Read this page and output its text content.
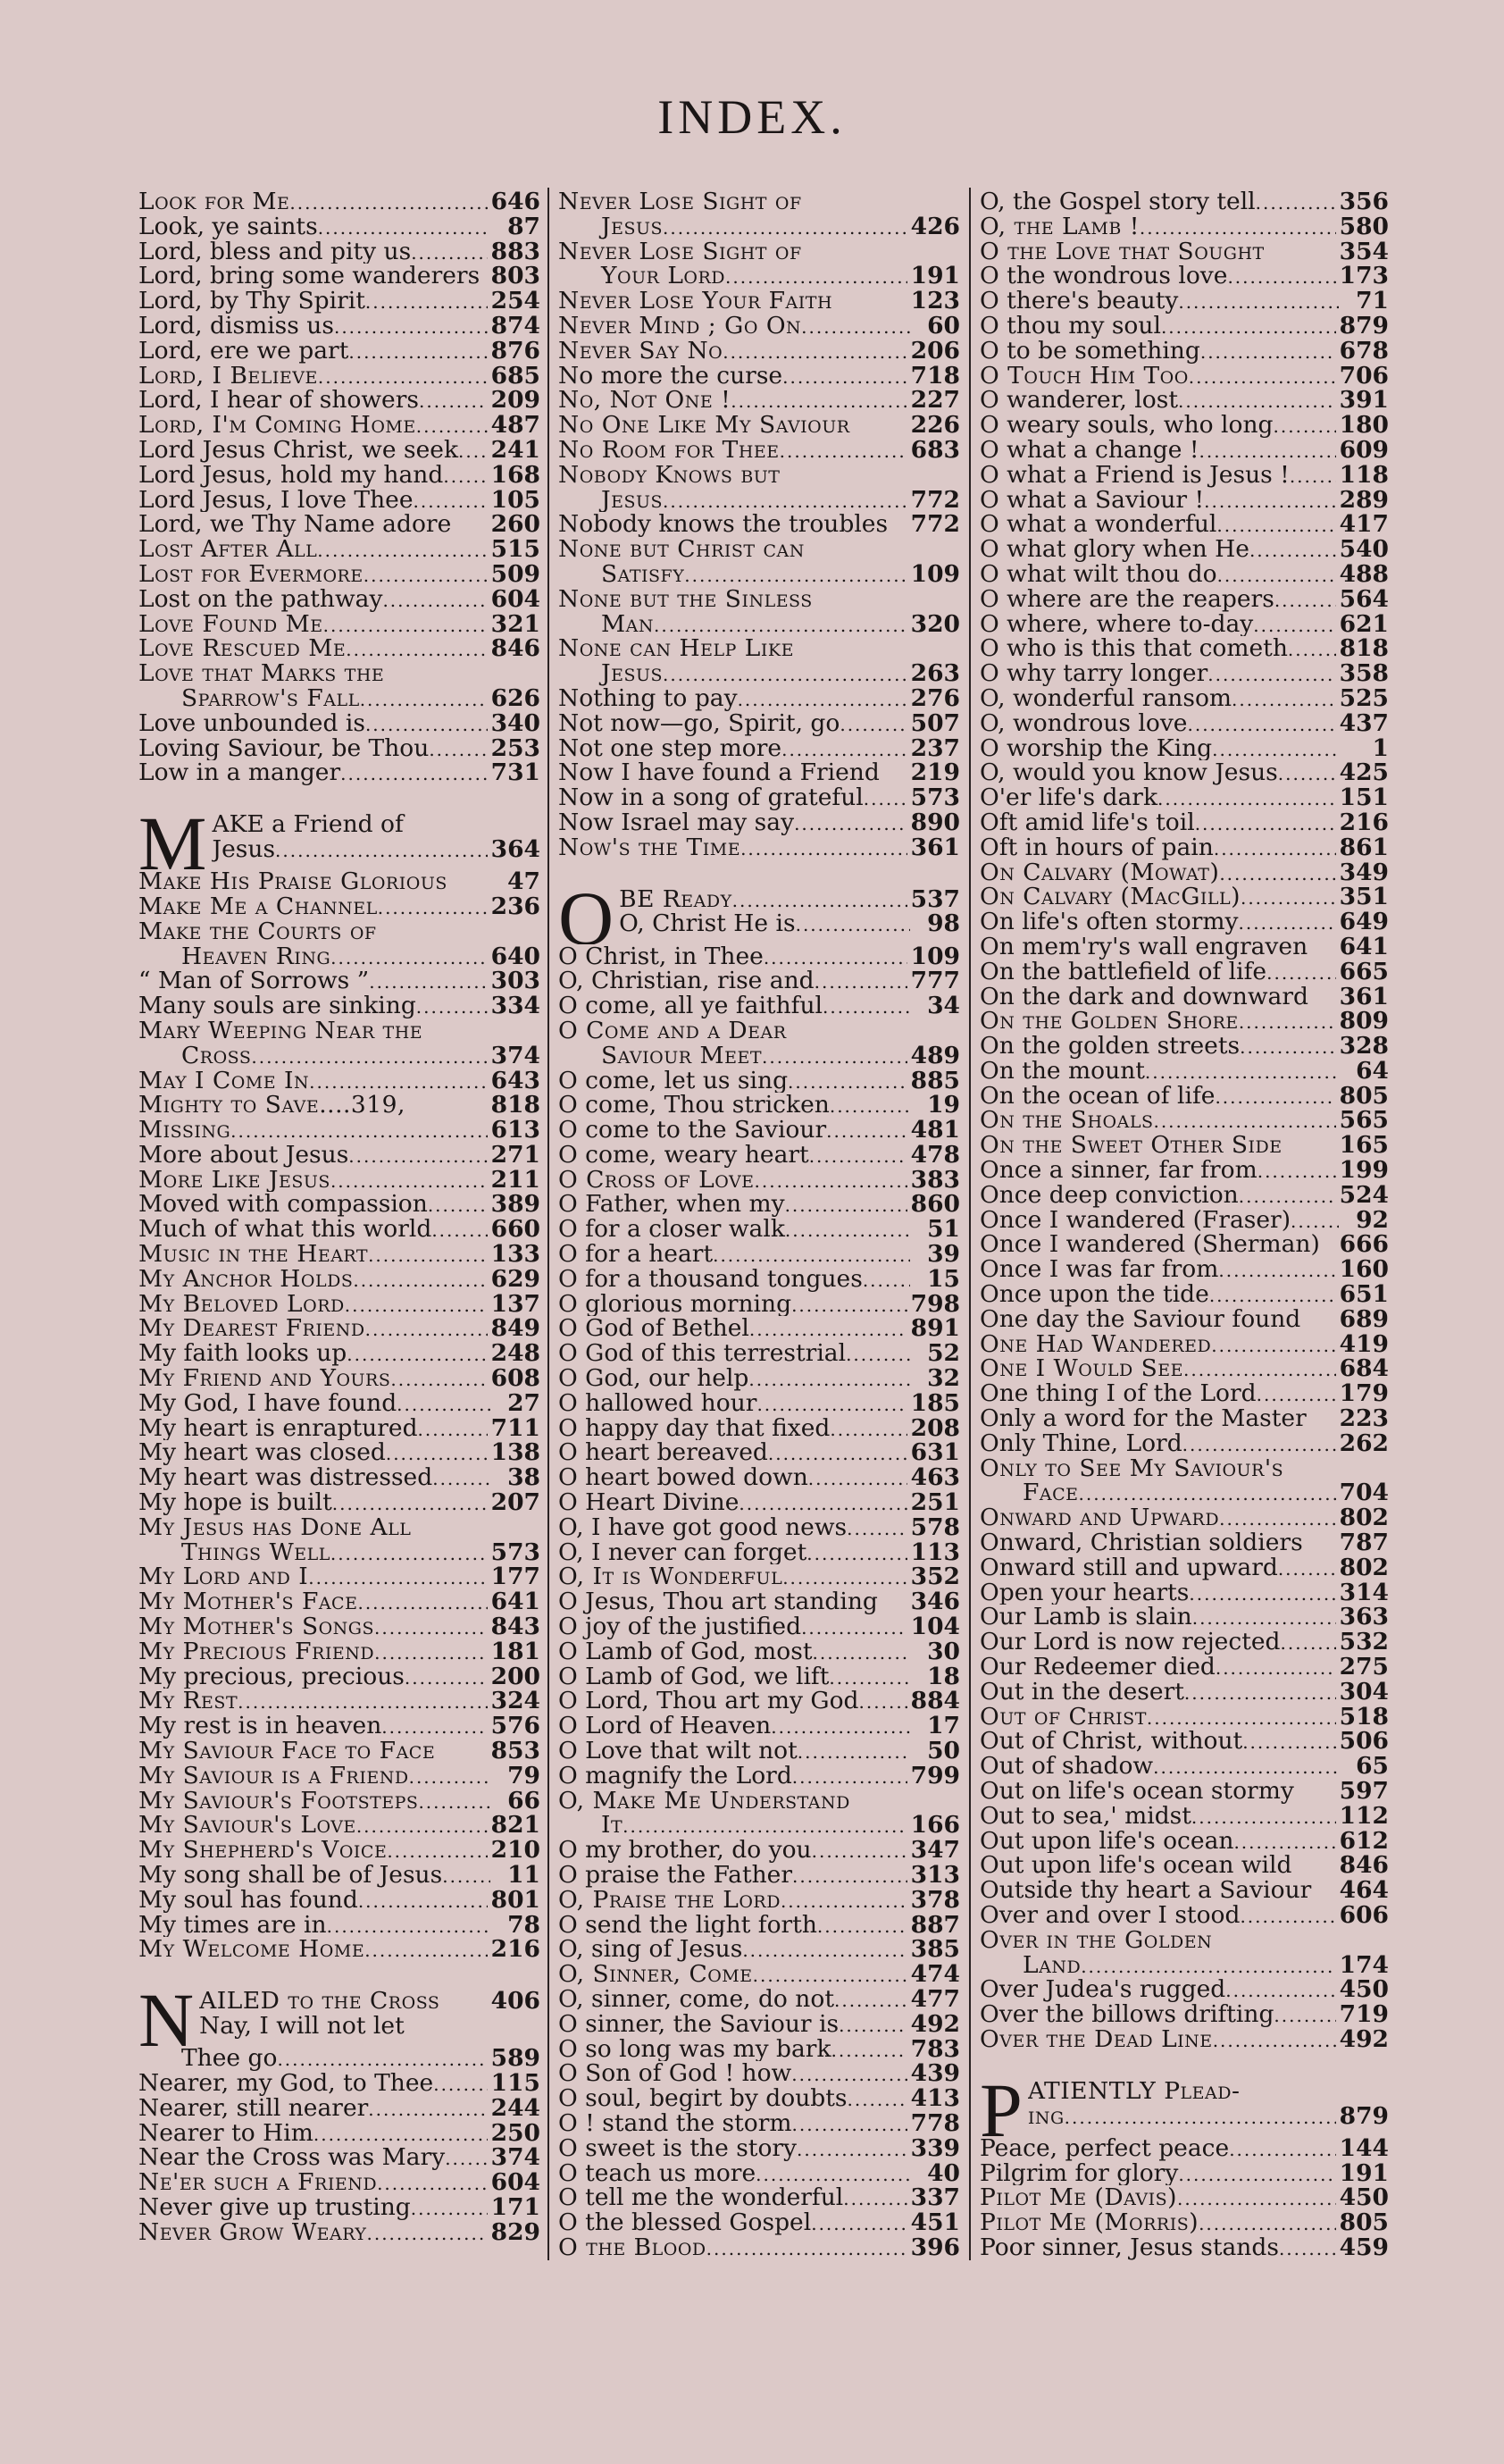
INDEX.
Look for Me .....	646
Look, ye saints .....	87
Lord, bless and pity us .....	883
Lord, bring some wanderers 803
Lord, by Thy Spirit .....	254
Lord, dismiss us .....	874
Lord, ere we part .....	876
Lord, I Believe .....	685
Lord, I hear of showers .....	209
Lord, I'm Coming Home .....	487
Lord Jesus Christ, we seek ..... 241
Lord Jesus, hold my hand ..... 168
Lord Jesus, I love Thee .....	105
Lord, we Thy Name adore 260
Lost After All .....	515
Lost for Evermore .....	509
Lost on the pathway .....	604
Love Found Me .....	321
Love Rescued Me .....	846
Love that Marks the
Sparrow's Fall .....	626
Love unbounded is .....	340
Loving Saviour, be Thou .....	253
Low in a manger .....	731
M AKE a Friend of
Jesus .....	364
Make His Praise Glorious	47
Make Me a Channel .....	236
Make the Courts of
Heaven Ring .....	640
“ Man of Sorrows ” .....	303
Many souls are sinking .....	334
Mary Weeping Near the
Cross .....	374
May I Come In .....	643
Mighty to Save....319,	818
Missing .....	613
More about Jesus .....	271
More Like Jesus .....	211
Moved with compassion .....	389
Much of what this world .....	660
Music in the Heart .....	133
My Anchor Holds .....	629
My Beloved Lord .....	137
My Dearest Friend .....	849
My faith looks up .....	248
My Friend and Yours .....	608
My God, I have found .....	27
My heart is enraptured .....	711
My heart was closed .....	138
My heart was distressed .....	38
My hope is built .....	207
My Jesus has Done All
Things Well .....	573
My Lord and I .....	177
My Mother's Face .....	641
My Mother's Songs .....	843
My Precious Friend .....	181
My precious, precious .....	200
My Rest .....	324
My rest is in heaven .....	576
My Saviour Face to Face 853
My Saviour is a Friend .....	79
My Saviour's Footsteps .....	66
My Saviour's Love .....	821
My Shepherd's Voice .....	210
My song shall be of Jesus .....	11
My soul has found .....	801
My times are in .....	78
My Welcome Home .....	216
N AILED to the Cross 406
Nay, I will not let
Thee go .....	589
Nearer, my God, to Thee ..... 115
Nearer, still nearer .....	244
Nearer to Him .....	250
Near the Cross was Mary ..... 374
Ne'er such a Friend .....	604
Never give up trusting .....	171
Never Grow Weary .....	829
Never Lose Sight of
Jesus .....	426
Never Lose Sight of
Your Lord .....	191
Never Lose Your Faith	123
Never Mind ; Go On .....	60
Never Say No .....	206
No more the curse .....	718
No, Not One ! .....	227
No One Like My Saviour	226
No Room for Thee .....	683
Nobody Knows but
Jesus .....	772
Nobody knows the troubles 772
None but Christ can
Satisfy .....	109
None but the Sinless
Man .....	320
None can Help Like
Jesus .....	263
Nothing to pay .....	276
Not now—go, Spirit, go .....	507
Not one step more .....	237
Now I have found a Friend 219
Now in a song of grateful ..... 573
Now Israel may say .....	890
Now's the Time .....	361
O BE Ready .....	537
O, Christ He is .....	98
O Christ, in Thee .....	109
O, Christian, rise and .....	777
O come, all ye faithful .....	34
O Come and a Dear
Saviour Meet .....	489
O come, let us sing .....	885
O come, Thou stricken .....	19
O come to the Saviour .....	481
O come, weary heart .....	478
O Cross of Love .....	383
O Father, when my .....	860
O for a closer walk .....	51
O for a heart .....	39
O for a thousand tongues .....	15
O glorious morning .....	798
O God of Bethel .....	891
O God of this terrestrial .....	52
O God, our help .....	32
O hallowed hour .....	185
O happy day that fixed .....	208
O heart bereaved .....	631
O heart bowed down .....	463
O Heart Divine .....	251
O, I have got good news .....	578
O, I never can forget .....	113
O, It is Wonderful .....	352
O Jesus, Thou art standing 346
O joy of the justified .....	104
O Lamb of God, most .....	30
O Lamb of God, we lift .....	18
O Lord, Thou art my God ..... 884
O Lord of Heaven .....	17
O Love that wilt not .....	50
O magnify the Lord .....	799
O, Make Me Understand
It .....	166
O my brother, do you .....	347
O praise the Father .....	313
O, Praise the Lord .....	378
O send the light forth .....	887
O, sing of Jesus .....	385
O, Sinner, Come .....	474
O, sinner, come, do not .....	477
O sinner, the Saviour is .....	492
O so long was my bark .....	783
O Son of God ! how .....	439
O soul, begirt by doubts .....	413
O ! stand the storm .....	778
O sweet is the story .....	339
O teach us more .....	40
O tell me the wonderful .....	337
O the blessed Gospel .....	451
O the Blood .....	396
O, the Gospel story tell .....	356
O, the Lamb ! .....	580
O the Love that Sought	354
O the wondrous love .....	173
O there's beauty .....	71
O thou my soul .....	879
O to be something .....	678
O Touch Him Too .....	706
O wanderer, lost .....	391
O weary souls, who long .....	180
O what a change ! .....	609
O what a Friend is Jesus ! ..... 118
O what a Saviour ! .....	289
O what a wonderful .....	417
O what glory when He .....	540
O what wilt thou do .....	488
O where are the reapers .....	564
O where, where to-day .....	621
O who is this that cometh ..... 818
O why tarry longer .....	358
O, wonderful ransom .....	525
O, wondrous love .....	437
O worship the King .....	1
O, would you know Jesus .....	425
O'er life's dark .....	151
Oft amid life's toil .....	216
Oft in hours of pain .....	861
On Calvary (Mowat) .....	349
On Calvary (MacGill) .....	351
On life's often stormy .....	649
On mem'ry's wall engraven 641
On the battlefield of life .....	665
On the dark and downward 361
On the Golden Shore .....	809
On the golden streets .....	328
On the mount .....	64
On the ocean of life .....	805
On the Shoals .....	565
On the Sweet Other Side 165
Once a sinner, far from .....	199
Once deep conviction .....	524
Once I wandered (Fraser) .....	92
Once I wandered (Sherman) 666
Once I was far from .....	160
Once upon the tide .....	651
One day the Saviour found 689
One Had Wandered .....	419
One I Would See .....	684
One thing I of the Lord .....	179
Only a word for the Master 223
Only Thine, Lord .....	262
Only to See My Saviour's
Face .....	704
Onward and Upward .....	802
Onward, Christian soldiers 787
Onward still and upward .....	802
Open your hearts .....	314
Our Lamb is slain .....	363
Our Lord is now rejected ..... 532
Our Redeemer died .....	275
Out in the desert .....	304
Out of Christ .....	518
Out of Christ, without .....	506
Out of shadow .....	65
Out on life's ocean stormy 597
Out to sea,' midst .....	112
Out upon life's ocean .....	612
Out upon life's ocean wild 846
Outside thy heart a Saviour 464
Over and over I stood .....	606
Over in the Golden
Land .....	174
Over Judea's rugged .....	450
Over the billows drifting .....	719
Over the Dead Line .....	492
P ATIENTLY Plead-
ing .....	879
Peace, perfect peace .....	144
Pilgrim for glory .....	191
Pilot Me (Davis) .....	450
Pilot Me (Morris) .....	805
Poor sinner, Jesus stands .....	459
